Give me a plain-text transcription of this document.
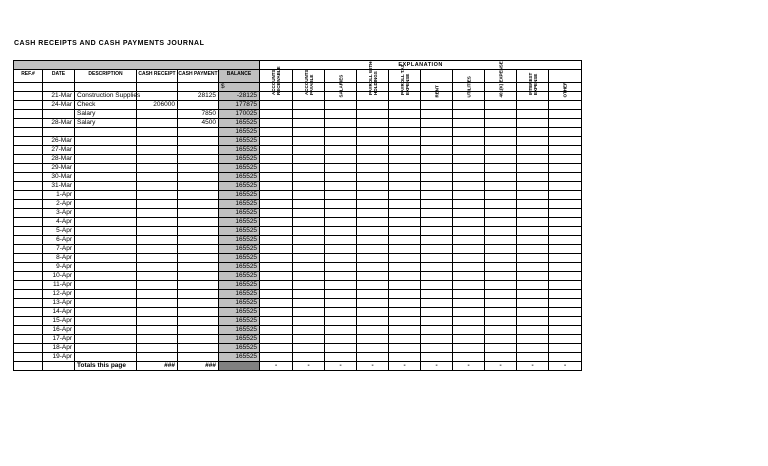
CASH RECEIPTS AND CASH PAYMENTS JOURNAL
						EXPLANATION									
REF.#	DATE	DESCRIPTION	CASH RECEIPT	CASH PAYMENT	BALANCE	ACCOUNTS RECEIVABLE	ACCOUNTS PAYABLE	SALARIES	PAYROLL WITH-HOLDINGS	PAYROLL TAX EXPENSE	RENT	UTILITIES	401(K) EXPENSE	INTEREST EXPENSE	OTHER

					$										
	21-Mar	Construction Supplies		28125	-28125										
	24-Mar	Check	206000		177875										
		Salary		7850	170025										
	28-Mar	Salary		4500	165525										
					165525										
	26-Mar				165525										
	27-Mar				165525										
	28-Mar				165525										
	29-Mar				165525										
	30-Mar				165525										
	31-Mar				165525										
	1-Apr				165525										
	2-Apr				165525										
	3-Apr				165525										
	4-Apr				165525										
	5-Apr				165525										
	6-Apr				165525										
	7-Apr				165525										
	8-Apr				165525										
	9-Apr				165525										
	10-Apr				165525										
	11-Apr				165525										
	12-Apr				165525										
	13-Apr				165525										
	14-Apr				165525										
	15-Apr				165525										
	16-Apr				165525										
	17-Apr				165525										
	18-Apr				165525										
	19-Apr				165525										
		Totals this page	###	###		-	-	-	-	-	-	-	-	-	-
